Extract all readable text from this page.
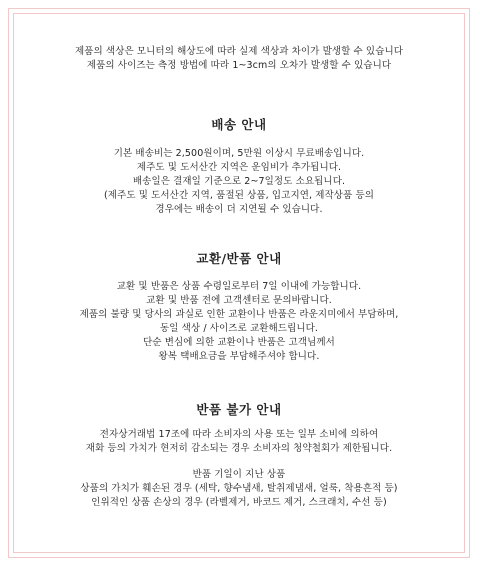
제품의 색상은 모니터의 해상도에 따라 실제 색상과 차이가 발생할 수 있습니다
제품의 사이즈는 측정 방법에 따라 1~3cm의 오차가 발생할 수 있습니다
배송 안내
기본 배송비는 2,500원이며, 5만원 이상시 무료배송입니다.
제주도 및 도서산간 지역은 운임비가 추가됩니다.
배송일은 결재일 기준으로 2~7일정도 소요됩니다.
(제주도 및 도서산간 지역, 품절된 상품, 입고지연, 제작상품 등의
경우에는 배송이 더 지연될 수 있습니다.
교환/반품 안내
교환 및 반품은 상품 수령일로부터 7일 이내에 가능합니다.
교환 및 반품 전에 고객센터로 문의바랍니다.
제품의 불량 및 당사의 과실로 인한 교환이나 반품은 라운지미에서 부담하며,
동일 색상 / 사이즈로 교환해드립니다.
단순 변심에 의한 교환이나 반품은 고객님께서
왕복 택배요금을 부담해주셔야 합니다.
반품 불가 안내
전자상거래법 17조에 따라 소비자의 사용 또는 일부 소비에 의하여
재화 등의 가치가 현저히 감소되는 경우 소비자의 청약철회가 제한됩니다.
반품 기일이 지난 상품
상품의 가치가 훼손된 경우 (세탁, 향수냄새, 탈취제냄새, 얼룩, 착용흔적 등)
인위적인 상품 손상의 경우 (라벨제거, 바코드 제거, 스크래치, 수선 등)
